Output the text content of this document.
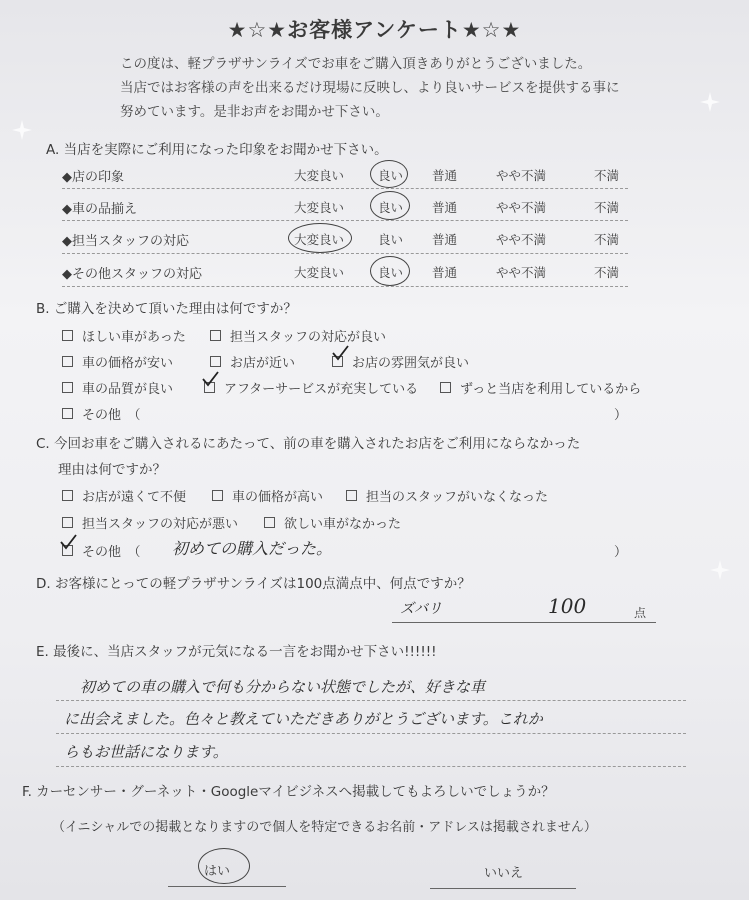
★☆★お客様アンケート★☆★
この度は、軽プラザサンライズでお車をご購入頂きありがとうございました。
当店ではお客様の声を出来るだけ現場に反映し、より良いサービスを提供する事に
努めています。是非お声をお聞かせ下さい。
A. 当店を実際にご利用になった印象をお聞かせ下さい。
◆店の印象	大変良い	良い 普通	やや不満	不満
◆車の品揃え	大変良い	良い 普通	やや不満	不満
◆担当スタッフの対応	大変良い	良い 普通	やや不満	不満
◆その他スタッフの対応	大変良い	良い 普通	やや不満	不満
B. ご購入を決めて頂いた理由は何ですか？
ほしい車があった	担当スタッフの対応が良い
車の価格が安い	お店が近い	お店の雰囲気が良い
車の品質が良い	アフターサービスが充実している	ずっと当店を利用しているから
その他　（	）
C. 今回お車をご購入されるにあたって、前の車を購入されたお店をご利用にならなかった
理由は何ですか？
お店が遠くて不便	車の価格が高い	担当のスタッフがいなくなった
担当スタッフの対応が悪い	欲しい車がなかった
その他　（ 初めての購入だった。	）
D. お客様にとっての軽プラザサンライズは100点満点中、何点ですか？
ズバリ	100	点
E. 最後に、当店スタッフが元気になる一言をお聞かせ下さい!!!!!!
初めての車の購入で何も分からない状態でしたが、好きな車
に出会えました。色々と教えていただきありがとうございます。これか
らもお世話になります。
F. カーセンサー・グーネット・Googleマイビジネスへ掲載してもよろしいでしょうか？
（イニシャルでの掲載となりますので個人を特定できるお名前・アドレスは掲載されません）
はい	いいえ
